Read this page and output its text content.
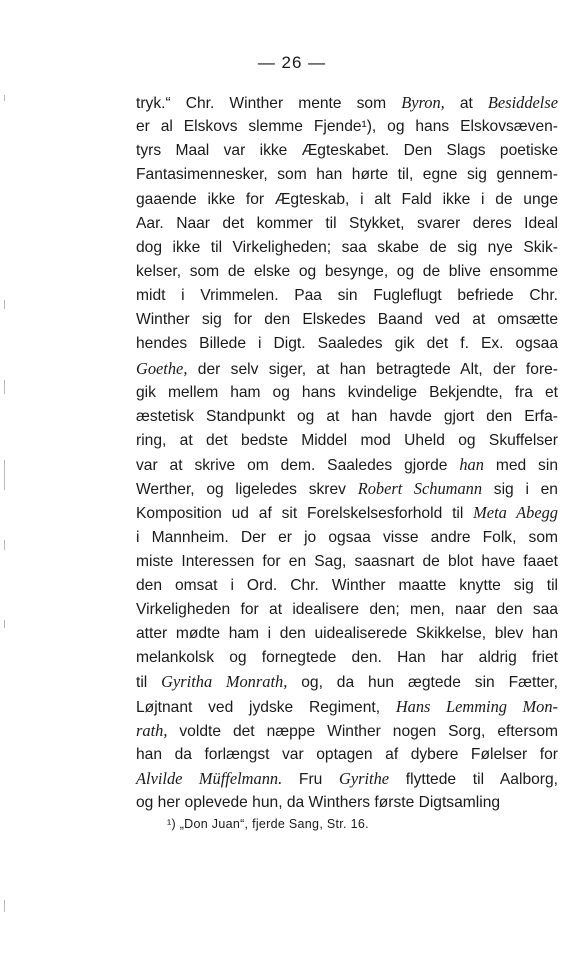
— 26 —
tryk.“ Chr. Winther mente som Byron, at Besiddelse
er al Elskovs slemme Fjende¹), og hans Elskovsæven-
tyrs Maal var ikke Ægteskabet. Den Slags poetiske
Fantasimennesker, som han hørte til, egne sig gennem-
gaaende ikke for Ægteskab, i alt Fald ikke i de unge
Aar. Naar det kommer til Stykket, svarer deres Ideal
dog ikke til Virkeligheden; saa skabe de sig nye Skik-
kelser, som de elske og besynge, og de blive ensomme
midt i Vrimmelen. Paa sin Fugleflugt befriede Chr.
Winther sig for den Elskedes Baand ved at omsætte
hendes Billede i Digt. Saaledes gik det f. Ex. ogsaa
Goethe, der selv siger, at han betragtede Alt, der fore-
gik mellem ham og hans kvindelige Bekjendte, fra et
æstetisk Standpunkt og at han havde gjort den Erfa-
ring, at det bedste Middel mod Uheld og Skuffelser
var at skrive om dem. Saaledes gjorde han med sin
Werther, og ligeledes skrev Robert Schumann sig i en
Komposition ud af sit Forelskelsesforhold til Meta Abegg
i Mannheim. Der er jo ogsaa visse andre Folk, som
miste Interessen for en Sag, saasnart de blot have faaet
den omsat i Ord. Chr. Winther maatte knytte sig til
Virkeligheden for at idealisere den; men, naar den saa
atter mødte ham i den uidealiserede Skikkelse, blev han
melankolsk og fornegtede den. Han har aldrig friet
til Gyritha Monrath, og, da hun ægtede sin Fætter,
Løjtnant ved jydske Regiment, Hans Lemming Mon-
rath, voldte det næppe Winther nogen Sorg, eftersom
han da forlængst var optagen af dybere Følelser for
Alvilde Müffelmann. Fru Gyrithe flyttede til Aalborg,
og her oplevede hun, da Winthers første Digtsamling
¹) „Don Juan“, fjerde Sang, Str. 16.
